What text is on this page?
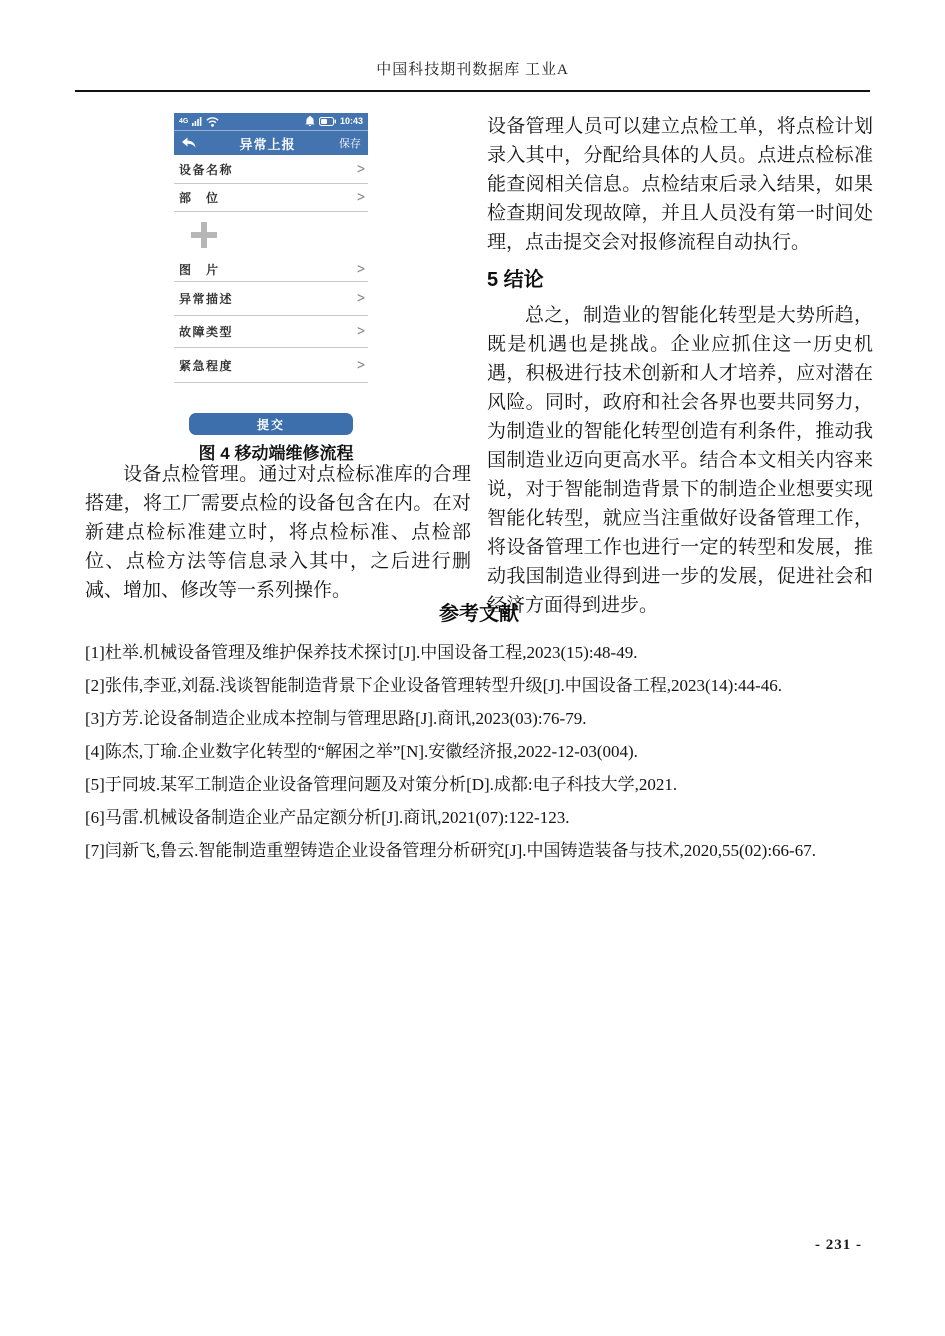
中国科技期刊数据库 工业A
4G	10:43
异常上报	保存
设备名称	>
部　位	>
图　片	>
异常描述	>
故障类型	>
紧急程度	>
提交
图 4 移动端维修流程

设备点检管理。通过对点检标准库的合理搭建，将工厂需要点检的设备包含在内。在对新建点检标准建立时，将点检标准、点检部位、点检方法等信息录入其中，之后进行删减、增加、修改等一系列操作。

设备管理人员可以建立点检工单，将点检计划录入其中，分配给具体的人员。点进点检标准能查阅相关信息。点检结束后录入结果，如果检查期间发现故障，并且人员没有第一时间处理，点击提交会对报修流程自动执行。

5 结论

总之，制造业的智能化转型是大势所趋，既是机遇也是挑战。企业应抓住这一历史机遇，积极进行技术创新和人才培养，应对潜在风险。同时，政府和社会各界也要共同努力，为制造业的智能化转型创造有利条件，推动我国制造业迈向更高水平。结合本文相关内容来说，对于智能制造背景下的制造企业想要实现智能化转型，就应当注重做好设备管理工作，将设备管理工作也进行一定的转型和发展，推动我国制造业得到进一步的发展，促进社会和经济方面得到进步。

参考文献
[1]杜举.机械设备管理及维护保养技术探讨[J].中国设备工程,2023(15):48-49.
[2]张伟,李亚,刘磊.浅谈智能制造背景下企业设备管理转型升级[J].中国设备工程,2023(14):44-46.
[3]方芳.论设备制造企业成本控制与管理思路[J].商讯,2023(03):76-79.
[4]陈杰,丁瑜.企业数字化转型的“解困之举”[N].安徽经济报,2022-12-03(004).
[5]于同坡.某军工制造企业设备管理问题及对策分析[D].成都:电子科技大学,2021.
[6]马雷.机械设备制造企业产品定额分析[J].商讯,2021(07):122-123.
[7]闫新飞,鲁云.智能制造重塑铸造企业设备管理分析研究[J].中国铸造装备与技术,2020,55(02):66-67.
- 231 -
